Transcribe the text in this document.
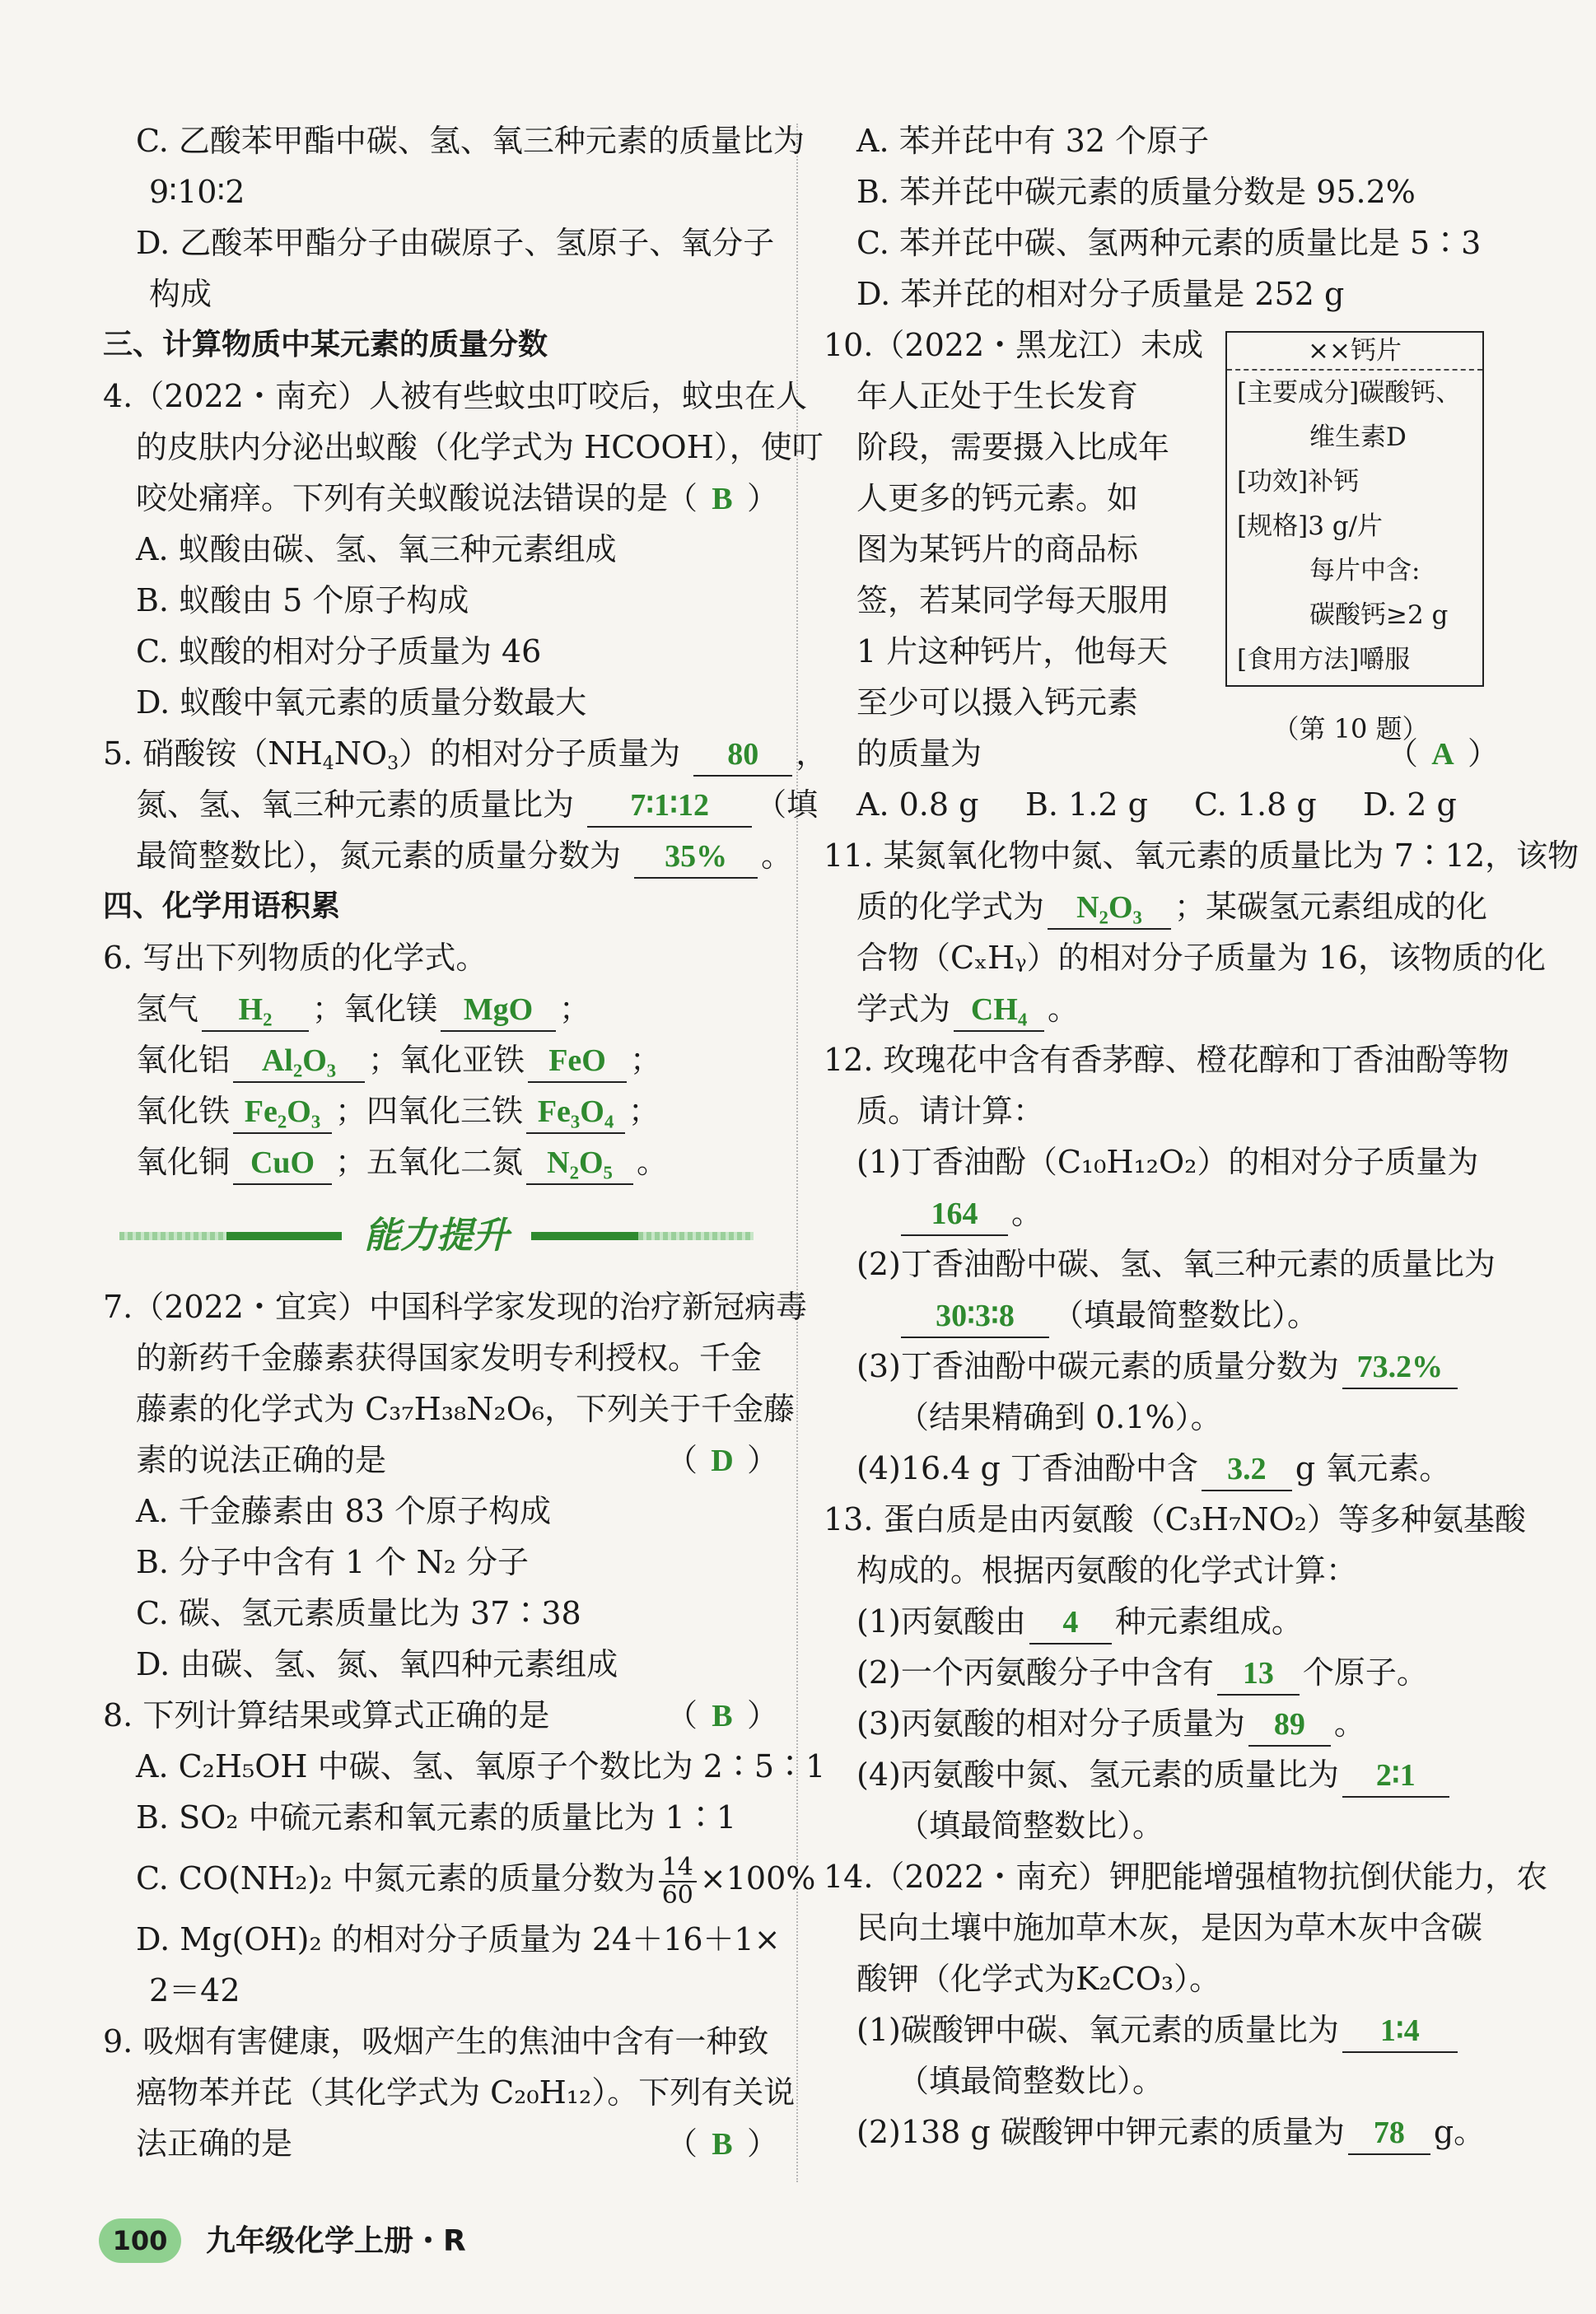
C. 乙酸苯甲酯中碳、氢、氧三种元素的质量比为
9∶10∶2
D. 乙酸苯甲酯分子由碳原子、氢原子、氧分子
构成
三、计算物质中某元素的质量分数
4.（2022・南充）人被有些蚊虫叮咬后，蚊虫在人
的皮肤内分泌出蚁酸（化学式为 HCOOH），使叮
咬处痛痒。下列有关蚁酸说法错误的是
（ B ）
A. 蚁酸由碳、氢、氧三种元素组成
B. 蚁酸由 5 个原子构成
C. 蚁酸的相对分子质量为 46
D. 蚁酸中氧元素的质量分数最大
5. 硝酸铵$(NH_4NO_3)$的相对分子质量为 80 ，
氮、氢、氧三种元素的质量比为 7∶1∶12 （填
最简整数比），氮元素的质量分数为 35% 。
四、化学用语积累
6. 写出下列物质的化学式。
氢气 H₂ ；氧化镁 MgO ；
氧化铝 Al₂O₃ ；氧化亚铁 FeO ；
氧化铁 Fe₂O₃ ；四氧化三铁 Fe₃O₄ ；
氧化铜 CuO ；五氧化二氮 N₂O₅ 。
能力提升
7.（2022・宜宾）中国科学家发现的治疗新冠病毒
的新药千金藤素获得国家发明专利授权。千金
藤素的化学式为 C₃₇H₃₈N₂O₆，下列关于千金藤
素的说法正确的是	（ D ）
A. 千金藤素由 83 个原子构成
B. 分子中含有 1 个 N₂ 分子
C. 碳、氢元素质量比为 37∶38
D. 由碳、氢、氮、氧四种元素组成
8. 下列计算结果或算式正确的是	（ B ）
A. C₂H₅OH 中碳、氢、氧原子个数比为 2∶5∶1
B. SO₂ 中硫元素和氧元素的质量比为 1∶1
C. CO(NH₂)₂ 中氮元素的质量分数为 $\frac{14}{60} \times 100\%$
D. Mg(OH)₂ 的相对分子质量为 24＋16＋1×
2＝42
9. 吸烟有害健康，吸烟产生的焦油中含有一种致
癌物苯并芘（其化学式为 C₂₀H₁₂）。下列有关说
法正确的是	（ B ）
A. 苯并芘中有 32 个原子
B. 苯并芘中碳元素的质量分数是 95.2%
C. 苯并芘中碳、氢两种元素的质量比是 5∶3
D. 苯并芘的相对分子质量是 252 g
10.（2022・黑龙江）未成
年人正处于生长发育
阶段，需要摄入比成年
人更多的钙元素。如
图为某钙片的商品标
签，若某同学每天服用
1 片这种钙片，他每天
至少可以摄入钙元素
的质量为	（ A ）
A. 0.8 g B. 1.2 g C. 1.8 g D. 2 g
11. 某氮氧化物中氮、氧元素的质量比为 7∶12，该物
质的化学式为 N₂O₃ ；某碳氢元素组成的化
合物（CₓHᵧ）的相对分子质量为 16，该物质的化
学式为 CH₄ 。
12. 玫瑰花中含有香茅醇、橙花醇和丁香油酚等物
质。请计算：
(1)丁香油酚（C₁₀H₁₂O₂）的相对分子质量为
164 。
(2)丁香油酚中碳、氢、氧三种元素的质量比为
30∶3∶8 （填最简整数比）。
(3)丁香油酚中碳元素的质量分数为 73.2%
（结果精确到 0.1%）。
(4)16.4 g 丁香油酚中含 3.2 g 氧元素。
13. 蛋白质是由丙氨酸（C₃H₇NO₂）等多种氨基酸
构成的。根据丙氨酸的化学式计算：
(1)丙氨酸由 4 种元素组成。
(2)一个丙氨酸分子中含有 13 个原子。
(3)丙氨酸的相对分子质量为 89 。
(4)丙氨酸中氮、氢元素的质量比为 2∶1
（填最简整数比）。
14.（2022・南充）钾肥能增强植物抗倒伏能力，农
民向土壤中施加草木灰，是因为草木灰中含碳
酸钾（化学式为K₂CO₃）。
(1)碳酸钾中碳、氧元素的质量比为 1∶4
（填最简整数比）。
(2)138 g 碳酸钾中钾元素的质量为 78 g。
××钙片
[主要成分]碳酸钙、
维生素D
[功效]补钙
[规格]3 g/片
每片中含:
碳酸钙≥2 g
[食用方法]嚼服
（第 10 题）
100	九年级化学上册・R
